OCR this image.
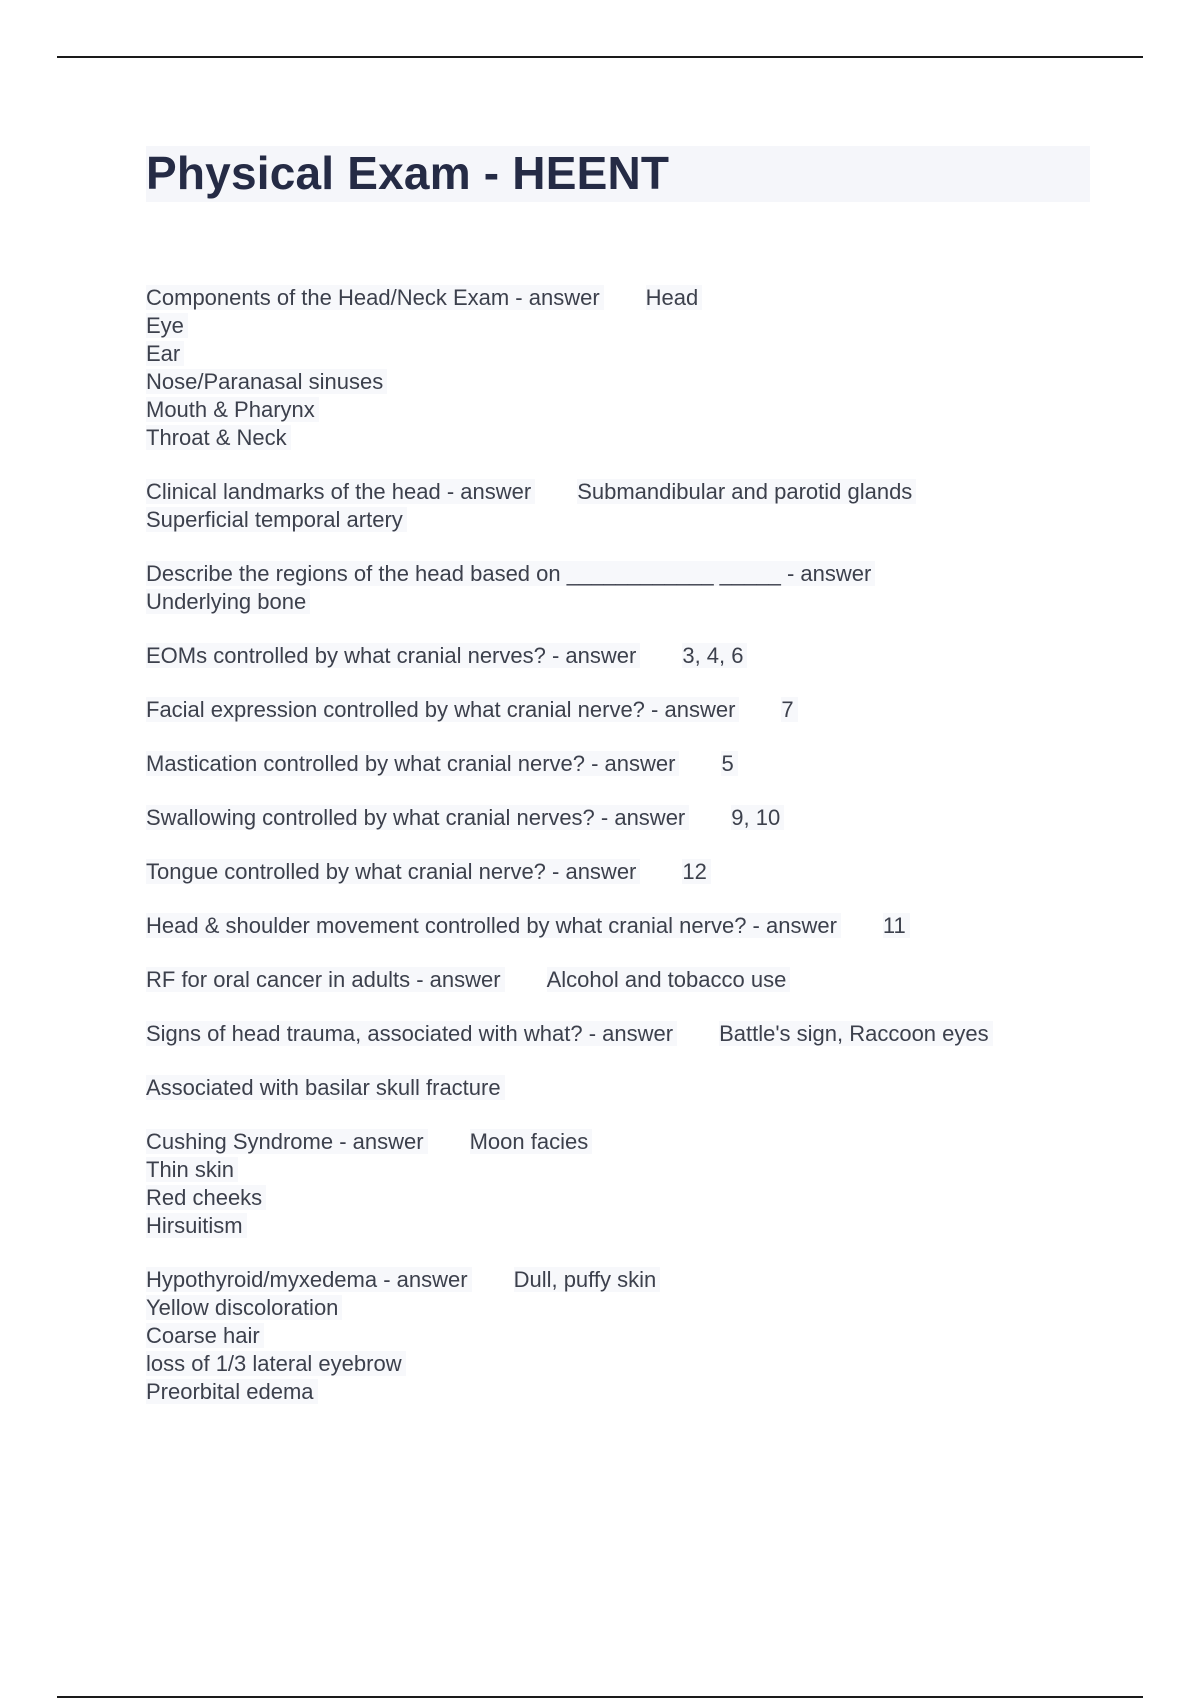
Physical Exam - HEENT
Components of the Head/Neck Exam - answer Head
Eye
Ear
Nose/Paranasal sinuses
Mouth & Pharynx
Throat & Neck
Clinical landmarks of the head - answer Submandibular and parotid glands
Superficial temporal artery
Describe the regions of the head based on ____________ _____ - answer
Underlying bone
EOMs controlled by what cranial nerves? - answer 3, 4, 6
Facial expression controlled by what cranial nerve? - answer 7
Mastication controlled by what cranial nerve? - answer 5
Swallowing controlled by what cranial nerves? - answer 9, 10
Tongue controlled by what cranial nerve? - answer 12
Head & shoulder movement controlled by what cranial nerve? - answer 11
RF for oral cancer in adults - answer Alcohol and tobacco use
Signs of head trauma, associated with what? - answer Battle's sign, Raccoon eyes
Associated with basilar skull fracture
Cushing Syndrome - answer Moon facies
Thin skin
Red cheeks
Hirsuitism
Hypothyroid/myxedema - answer Dull, puffy skin
Yellow discoloration
Coarse hair
loss of 1/3 lateral eyebrow
Preorbital edema
